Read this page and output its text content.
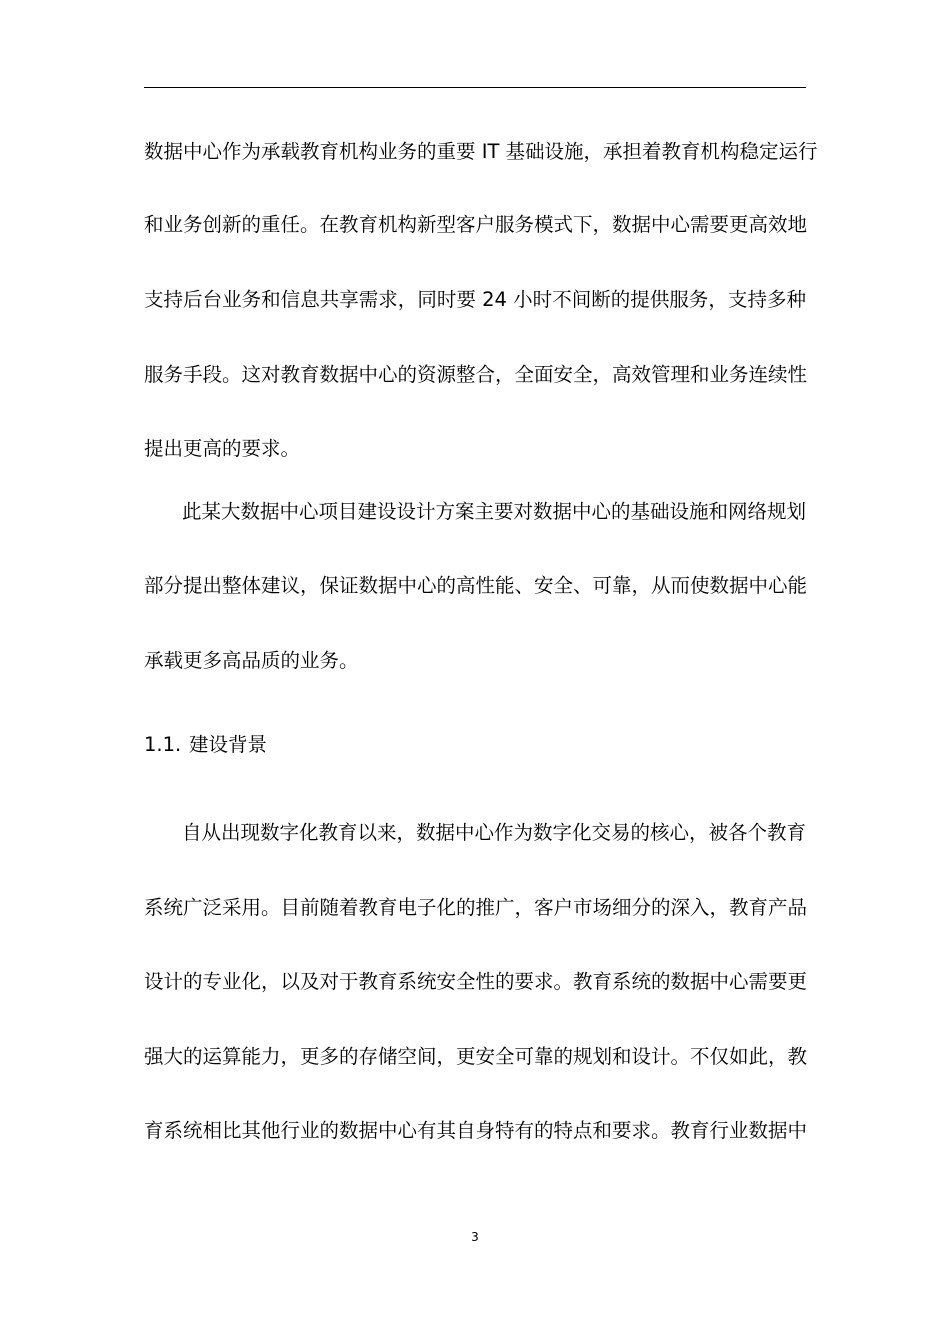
数据中心作为承载教育机构业务的重要 IT 基础设施，承担着教育机构稳定运行
和业务创新的重任。在教育机构新型客户服务模式下，数据中心需要更高效地
支持后台业务和信息共享需求，同时要 24 小时不间断的提供服务，支持多种
服务手段。这对教育数据中心的资源整合，全面安全，高效管理和业务连续性
提出更高的要求。
此某大数据中心项目建设设计方案主要对数据中心的基础设施和网络规划
部分提出整体建议，保证数据中心的高性能、安全、可靠，从而使数据中心能
承载更多高品质的业务。
1.1. 建设背景
自从出现数字化教育以来，数据中心作为数字化交易的核心，被各个教育
系统广泛采用。目前随着教育电子化的推广，客户市场细分的深入，教育产品
设计的专业化，以及对于教育系统安全性的要求。教育系统的数据中心需要更
强大的运算能力，更多的存储空间，更安全可靠的规划和设计。不仅如此，教
育系统相比其他行业的数据中心有其自身特有的特点和要求。教育行业数据中
3
